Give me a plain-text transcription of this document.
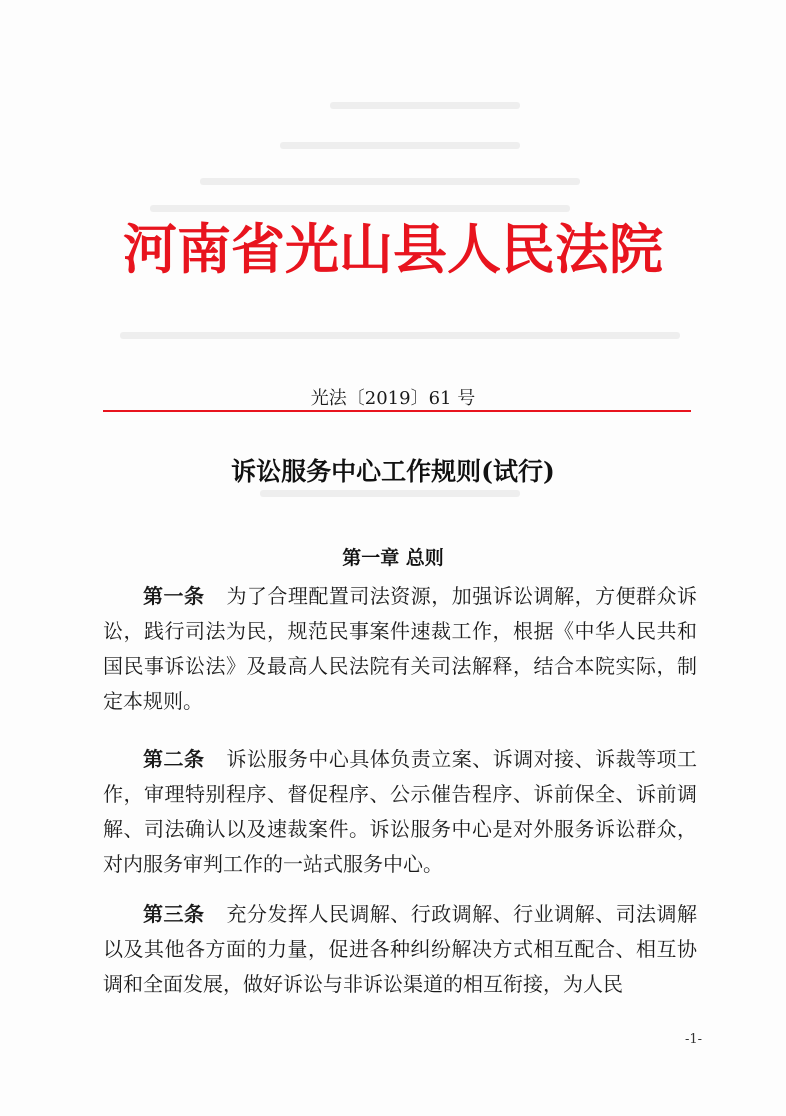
河南省光山县人民法院
光法〔2019〕61 号
诉讼服务中心工作规则(试行)
第一章 总则
第一条 为了合理配置司法资源，加强诉讼调解，方便群众诉讼，践行司法为民，规范民事案件速裁工作，根据《中华人民共和国民事诉讼法》及最高人民法院有关司法解释，结合本院实际，制定本规则。
第二条 诉讼服务中心具体负责立案、诉调对接、诉裁等项工作，审理特别程序、督促程序、公示催告程序、诉前保全、诉前调解、司法确认以及速裁案件。诉讼服务中心是对外服务诉讼群众，对内服务审判工作的一站式服务中心。
第三条 充分发挥人民调解、行政调解、行业调解、司法调解以及其他各方面的力量，促进各种纠纷解决方式相互配合、相互协调和全面发展，做好诉讼与非诉讼渠道的相互衔接，为人民
-1-
